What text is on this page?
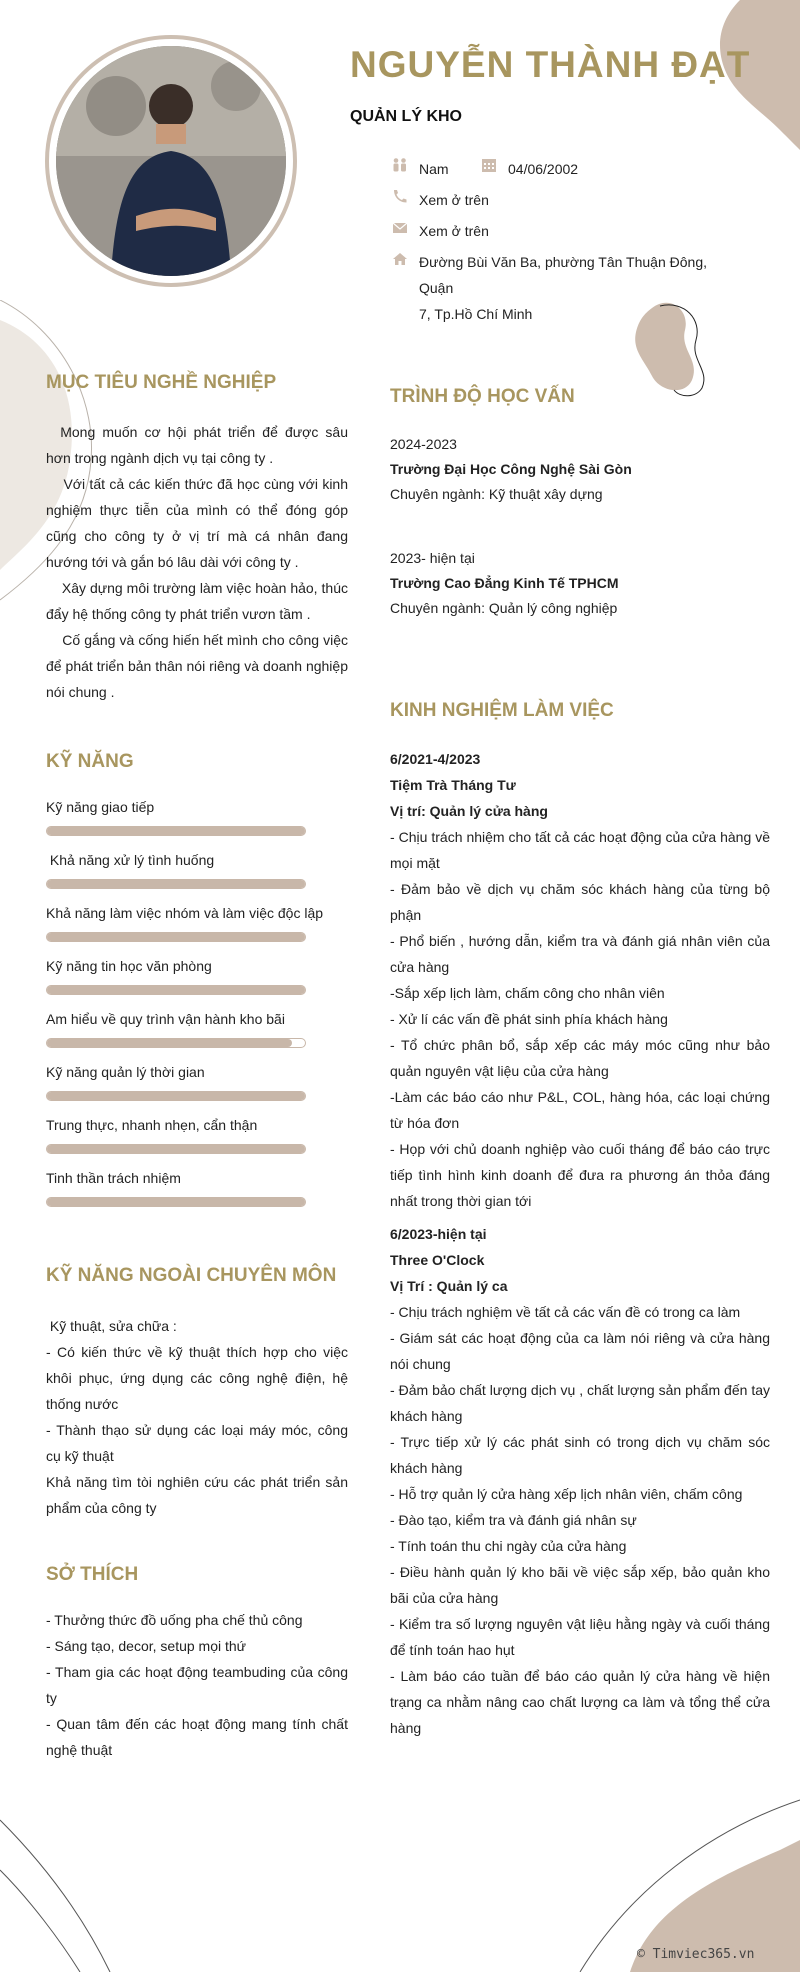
NGUYỄN THÀNH ĐẠT
QUẢN LÝ KHO
Nam	04/06/2002
Xem ở trên
Xem ở trên
Đường Bùi Văn Ba, phường Tân Thuận Đông, Quận
7, Tp.Hồ Chí Minh
MỤC TIÊU NGHỀ NGHIỆP

Mong muốn cơ hội phát triển để được sâu  hơn trong ngành dịch vụ tại công ty .

Với tất cả các kiến thức đã học cùng với kinh nghiệm thực tiễn của mình có thể đóng góp cũng cho công ty ở vị trí mà cá nhân đang hướng tới và gắn bó lâu dài với công ty .

Xây dựng môi trường làm việc hoàn hảo, thúc đẩy hệ thống công ty phát triển vươn tầm .

Cố gắng và cống hiến hết mình cho công việc để phát triển bản thân nói riêng và doanh nghiệp nói chung .

KỸ NĂNG
Kỹ năng giao tiếp
Khả năng xử lý tình huống
Khả năng làm việc nhóm và làm việc độc lập
Kỹ năng tin học văn phòng
Am hiểu về quy trình vận hành kho bãi
Kỹ năng quản lý thời gian
Trung thực, nhanh nhẹn, cẩn thận
Tinh thần trách nhiệm
KỸ NĂNG NGOÀI CHUYÊN MÔN
Kỹ thuật, sửa chữa :
- Có kiến thức về kỹ thuật thích hợp cho việc khôi phục, ứng dụng các công nghệ điện, hệ thống nước
- Thành thạo sử dụng các loại máy móc, công cụ kỹ thuật
Khả năng tìm tòi nghiên cứu các phát triển sản phẩm của công ty
SỞ THÍCH
- Thưởng thức đồ uống pha chế thủ công
- Sáng tạo, decor, setup mọi thứ
- Tham gia các hoạt động teambuding của công ty
- Quan tâm đến các hoạt động mang tính chất nghệ thuật
TRÌNH ĐỘ HỌC VẤN
2024-2023
Trường Đại Học Công Nghệ Sài Gòn
Chuyên ngành: Kỹ thuật xây dựng
2023- hiện tại
Trường Cao Đẳng Kinh Tế TPHCM
Chuyên ngành: Quản lý công nghiệp
KINH NGHIỆM LÀM VIỆC
6/2021-4/2023
Tiệm Trà Tháng Tư
Vị trí: Quản lý cửa hàng
- Chịu trách nhiệm cho tất cả các hoạt động của cửa hàng về mọi mặt
- Đảm bảo về dịch vụ chăm sóc khách hàng của từng bộ phận
- Phổ biến , hướng dẫn, kiểm tra và đánh giá nhân viên của cửa hàng
-Sắp xếp lịch làm, chấm công cho nhân viên
- Xử lí các vấn đề phát sinh phía khách hàng
- Tổ chức phân bổ, sắp xếp các máy móc cũng như bảo quản nguyên vật liệu của cửa hàng
-Làm các báo cáo như P&L, COL, hàng hóa, các loại chứng từ hóa đơn
- Họp với chủ doanh nghiệp vào cuối tháng để báo cáo trực tiếp tình hình kinh doanh để đưa ra phương án thỏa đáng nhất trong thời gian tới
6/2023-hiện tại
Three O'Clock
Vị Trí : Quản lý ca
- Chịu trách nghiệm về tất cả các vấn đề có trong ca làm
- Giám sát các hoạt động của ca làm nói riêng và cửa hàng nói chung
- Đảm bảo chất lượng dịch vụ , chất lượng sản phẩm đến tay khách hàng
- Trực tiếp xử lý các phát sinh có trong dịch vụ chăm sóc khách hàng
- Hỗ trợ quản lý cửa hàng xếp lịch nhân viên, chấm công
- Đào tạo, kiểm tra và đánh giá nhân sự
- Tính toán thu chi ngày của cửa hàng
- Điều hành quản lý kho bãi về việc sắp xếp, bảo quản kho bãi của cửa hàng
- Kiểm tra số lượng nguyên vật liệu hằng ngày và cuối tháng để tính toán hao hụt
- Làm báo cáo tuần để báo cáo quản lý cửa hàng về hiện trạng ca nhằm nâng cao chất lượng ca làm và tổng thể cửa hàng
© Timviec365.vn
